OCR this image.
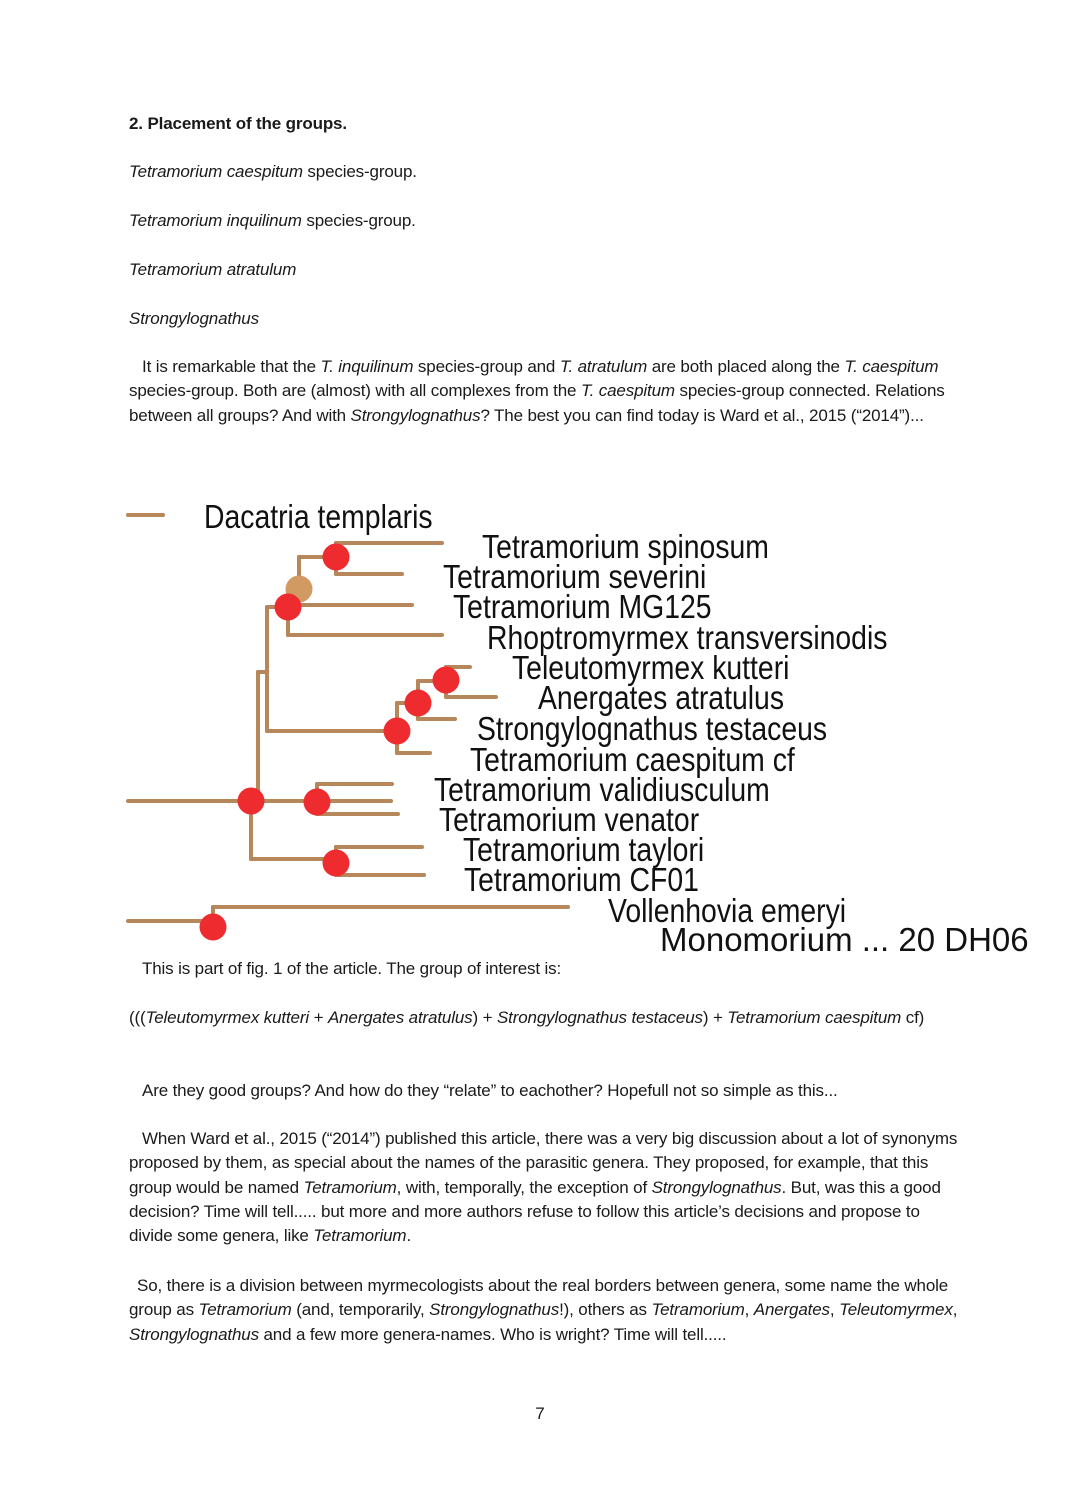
2. Placement of the groups.
Tetramorium caespitum species-group.
Tetramorium inquilinum species-group.
Tetramorium atratulum
Strongylognathus
It is remarkable that the T. inquilinum species-group and T. atratulum are both placed along the T. caespitum species-group. Both are (almost) with all complexes from the T. caespitum species-group connected. Relations between all groups? And with Strongylognathus? The best you can find today is Ward et al., 2015 (“2014”)...
Dacatria templaris
Tetramorium spinosum
Tetramorium severini
Tetramorium MG125
Rhoptromyrmex transversinodis
Teleutomyrmex kutteri
Anergates atratulus
Strongylognathus testaceus
Tetramorium caespitum cf
Tetramorium validiusculum
Tetramorium venator
Tetramorium taylori
Tetramorium CF01
Vollenhovia emeryi
Monomorium ... 20 DH06
This is part of fig. 1 of the article. The group of interest is:
(((Teleutomyrmex kutteri + Anergates atratulus) + Strongylognathus testaceus) + Tetramorium caespitum cf)
Are they good groups? And how do they “relate” to eachother? Hopefull not so simple as this...
When Ward et al., 2015 (“2014”) published this article, there was a very big discussion about a lot of synonyms proposed by them, as special about the names of the parasitic genera. They proposed, for example, that this group would be named Tetramorium, with, temporally, the exception of Strongylognathus. But, was this a good decision? Time will tell..... but more and more authors refuse to follow this article’s decisions and propose to divide some genera, like Tetramorium.
So, there is a division between myrmecologists about the real borders between genera, some name the whole group as Tetramorium (and, temporarily, Strongylognathus!), others as Tetramorium, Anergates, Teleutomyrmex, Strongylognathus and a few more genera-names. Who is wright? Time will tell.....
7
